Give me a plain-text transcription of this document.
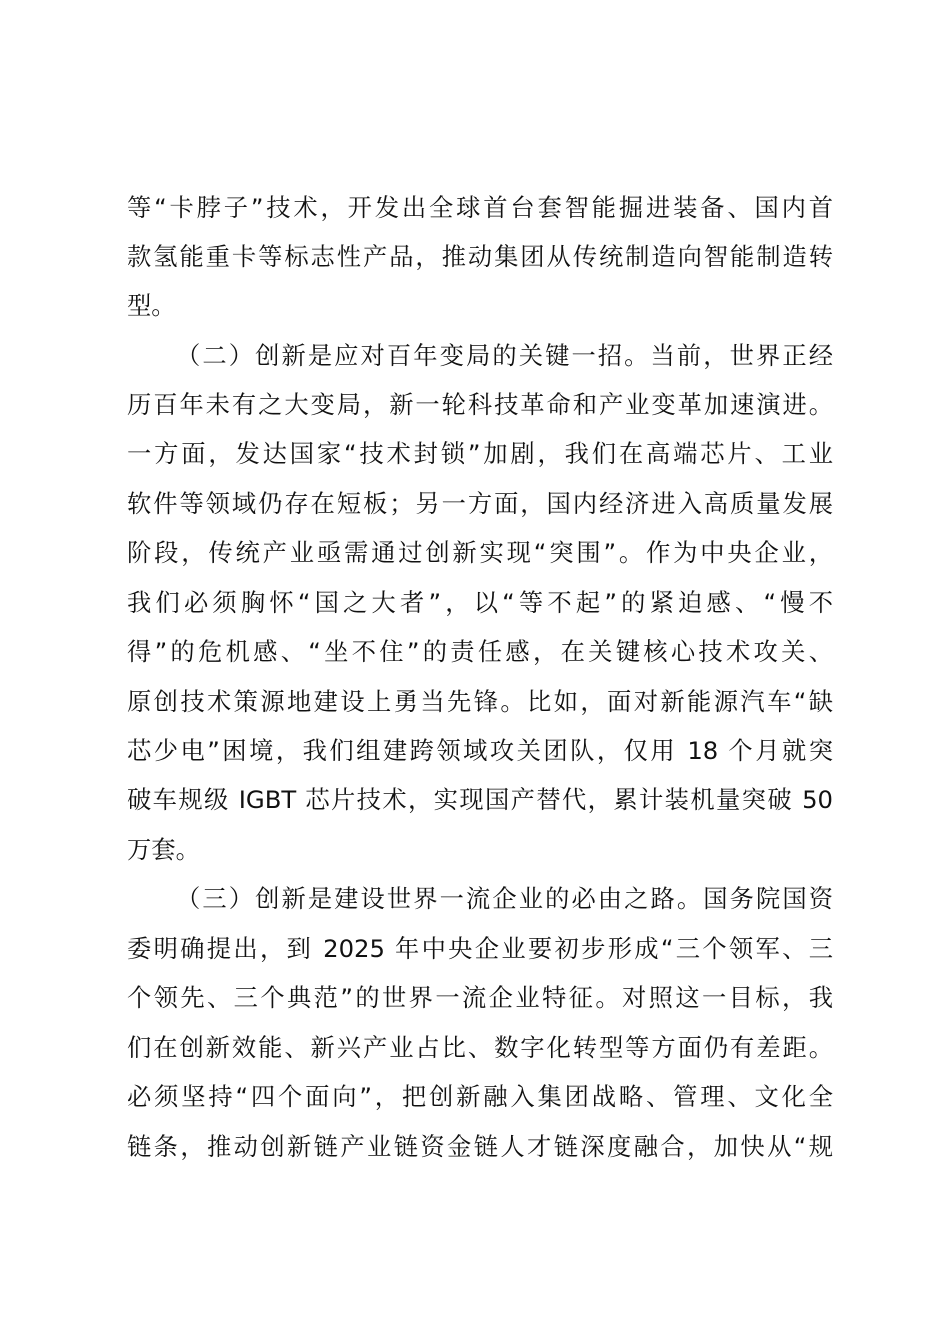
等“卡脖子”技术，开发出全球首台套智能掘进装备、国内首
款氢能重卡等标志性产品，推动集团从传统制造向智能制造转
型。
（二）创新是应对百年变局的关键一招。当前，世界正经
历百年未有之大变局，新一轮科技革命和产业变革加速演进。
一方面，发达国家“技术封锁”加剧，我们在高端芯片、工业
软件等领域仍存在短板；另一方面，国内经济进入高质量发展
阶段，传统产业亟需通过创新实现“突围”。作为中央企业，
我们必须胸怀“国之大者”，以“等不起”的紧迫感、“慢不
得”的危机感、“坐不住”的责任感，在关键核心技术攻关、
原创技术策源地建设上勇当先锋。比如，面对新能源汽车“缺
芯少电”困境，我们组建跨领域攻关团队，仅用 18 个月就突
破车规级 IGBT 芯片技术，实现国产替代，累计装机量突破 50
万套。
（三）创新是建设世界一流企业的必由之路。国务院国资
委明确提出，到 2025 年中央企业要初步形成“三个领军、三
个领先、三个典范”的世界一流企业特征。对照这一目标，我
们在创新效能、新兴产业占比、数字化转型等方面仍有差距。
必须坚持“四个面向”，把创新融入集团战略、管理、文化全
链条，推动创新链产业链资金链人才链深度融合，加快从“规
